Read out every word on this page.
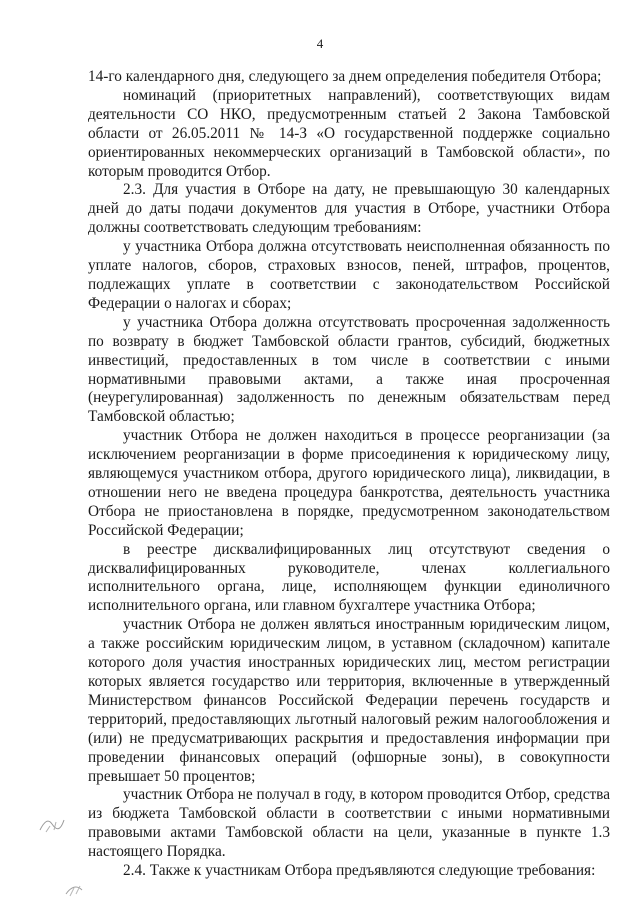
4

14-го календарного дня, следующего за днем определения победителя Отбора;

номинаций (приоритетных направлений), соответствующих видам деятельности СО НКО, предусмотренным статьей 2 Закона Тамбовской области от 26.05.2011 № 14-З «О государственной поддержке социально ориентированных некоммерческих организаций в Тамбовской области», по которым проводится Отбор.

2.3. Для участия в Отборе на дату, не превышающую 30 календарных дней до даты подачи документов для участия в Отборе, участники Отбора должны соответствовать следующим требованиям:

у участника Отбора должна отсутствовать неисполненная обязанность по уплате налогов, сборов, страховых взносов, пеней, штрафов, процентов, подлежащих уплате в соответствии с законодательством Российской Федерации о налогах и сборах;

у участника Отбора должна отсутствовать просроченная задолженность по возврату в бюджет Тамбовской области грантов, субсидий, бюджетных инвестиций, предоставленных в том числе в соответствии с иными нормативными правовыми актами, а также иная просроченная (неурегулированная) задолженность по денежным обязательствам перед Тамбовской областью;

участник Отбора не должен находиться в процессе реорганизации (за исключением реорганизации в форме присоединения к юридическому лицу, являющемуся участником отбора, другого юридического лица), ликвидации, в отношении него не введена процедура банкротства, деятельность участника Отбора не приостановлена в порядке, предусмотренном законодательством Российской Федерации;

в реестре дисквалифицированных лиц отсутствуют сведения о дисквалифицированных руководителе, членах коллегиального исполнительного органа, лице, исполняющем функции единоличного исполнительного органа, или главном бухгалтере участника Отбора;

участник Отбора не должен являться иностранным юридическим лицом, а также российским юридическим лицом, в уставном (складочном) капитале которого доля участия иностранных юридических лиц, местом регистрации которых является государство или территория, включенные в утвержденный Министерством финансов Российской Федерации перечень государств и территорий, предоставляющих льготный налоговый режим налогообложения и (или) не предусматривающих раскрытия и предоставления информации при проведении финансовых операций (офшорные зоны), в совокупности превышает 50 процентов;

участник Отбора не получал в году, в котором проводится Отбор, средства из бюджета Тамбовской области в соответствии с иными нормативными правовыми актами Тамбовской области на цели, указанные в пункте 1.3 настоящего Порядка.

2.4. Также к участникам Отбора предъявляются следующие требования:
